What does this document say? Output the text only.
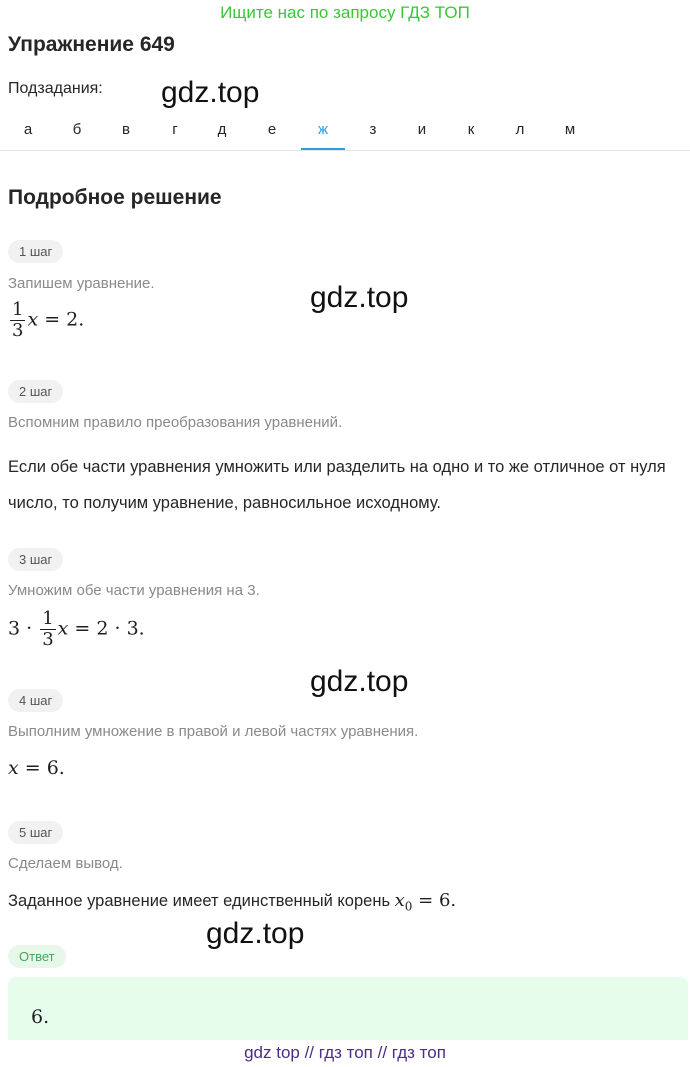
Ищите нас по запросу ГДЗ ТОП
Упражнение 649
Подзадания: gdz.top
а	б	в	г	д	е	ж	з	и	к	л	м
Подробное решение
1 шаг
Запишем уравнение.
$\frac{1}{3}$ x = 2.
gdz.top
2 шаг
Вспомним правило преобразования уравнений.
Если обе части уравнения умножить или разделить на одно и то же отличное от нуля число, то получим уравнение, равносильное исходному.
3 шаг
Умножим обе части уравнения на 3.
$3 \cdot \frac{1}{3}$ x = 2 · 3.
gdz.top
4 шаг
Выполним умножение в правой и левой частях уравнения.
x = 6.
5 шаг
Сделаем вывод.
Заданное уравнение имеет единственный корень $x_0 = 6$.
gdz.top
Ответ
6.
gdz top // гдз топ // гдз топ
